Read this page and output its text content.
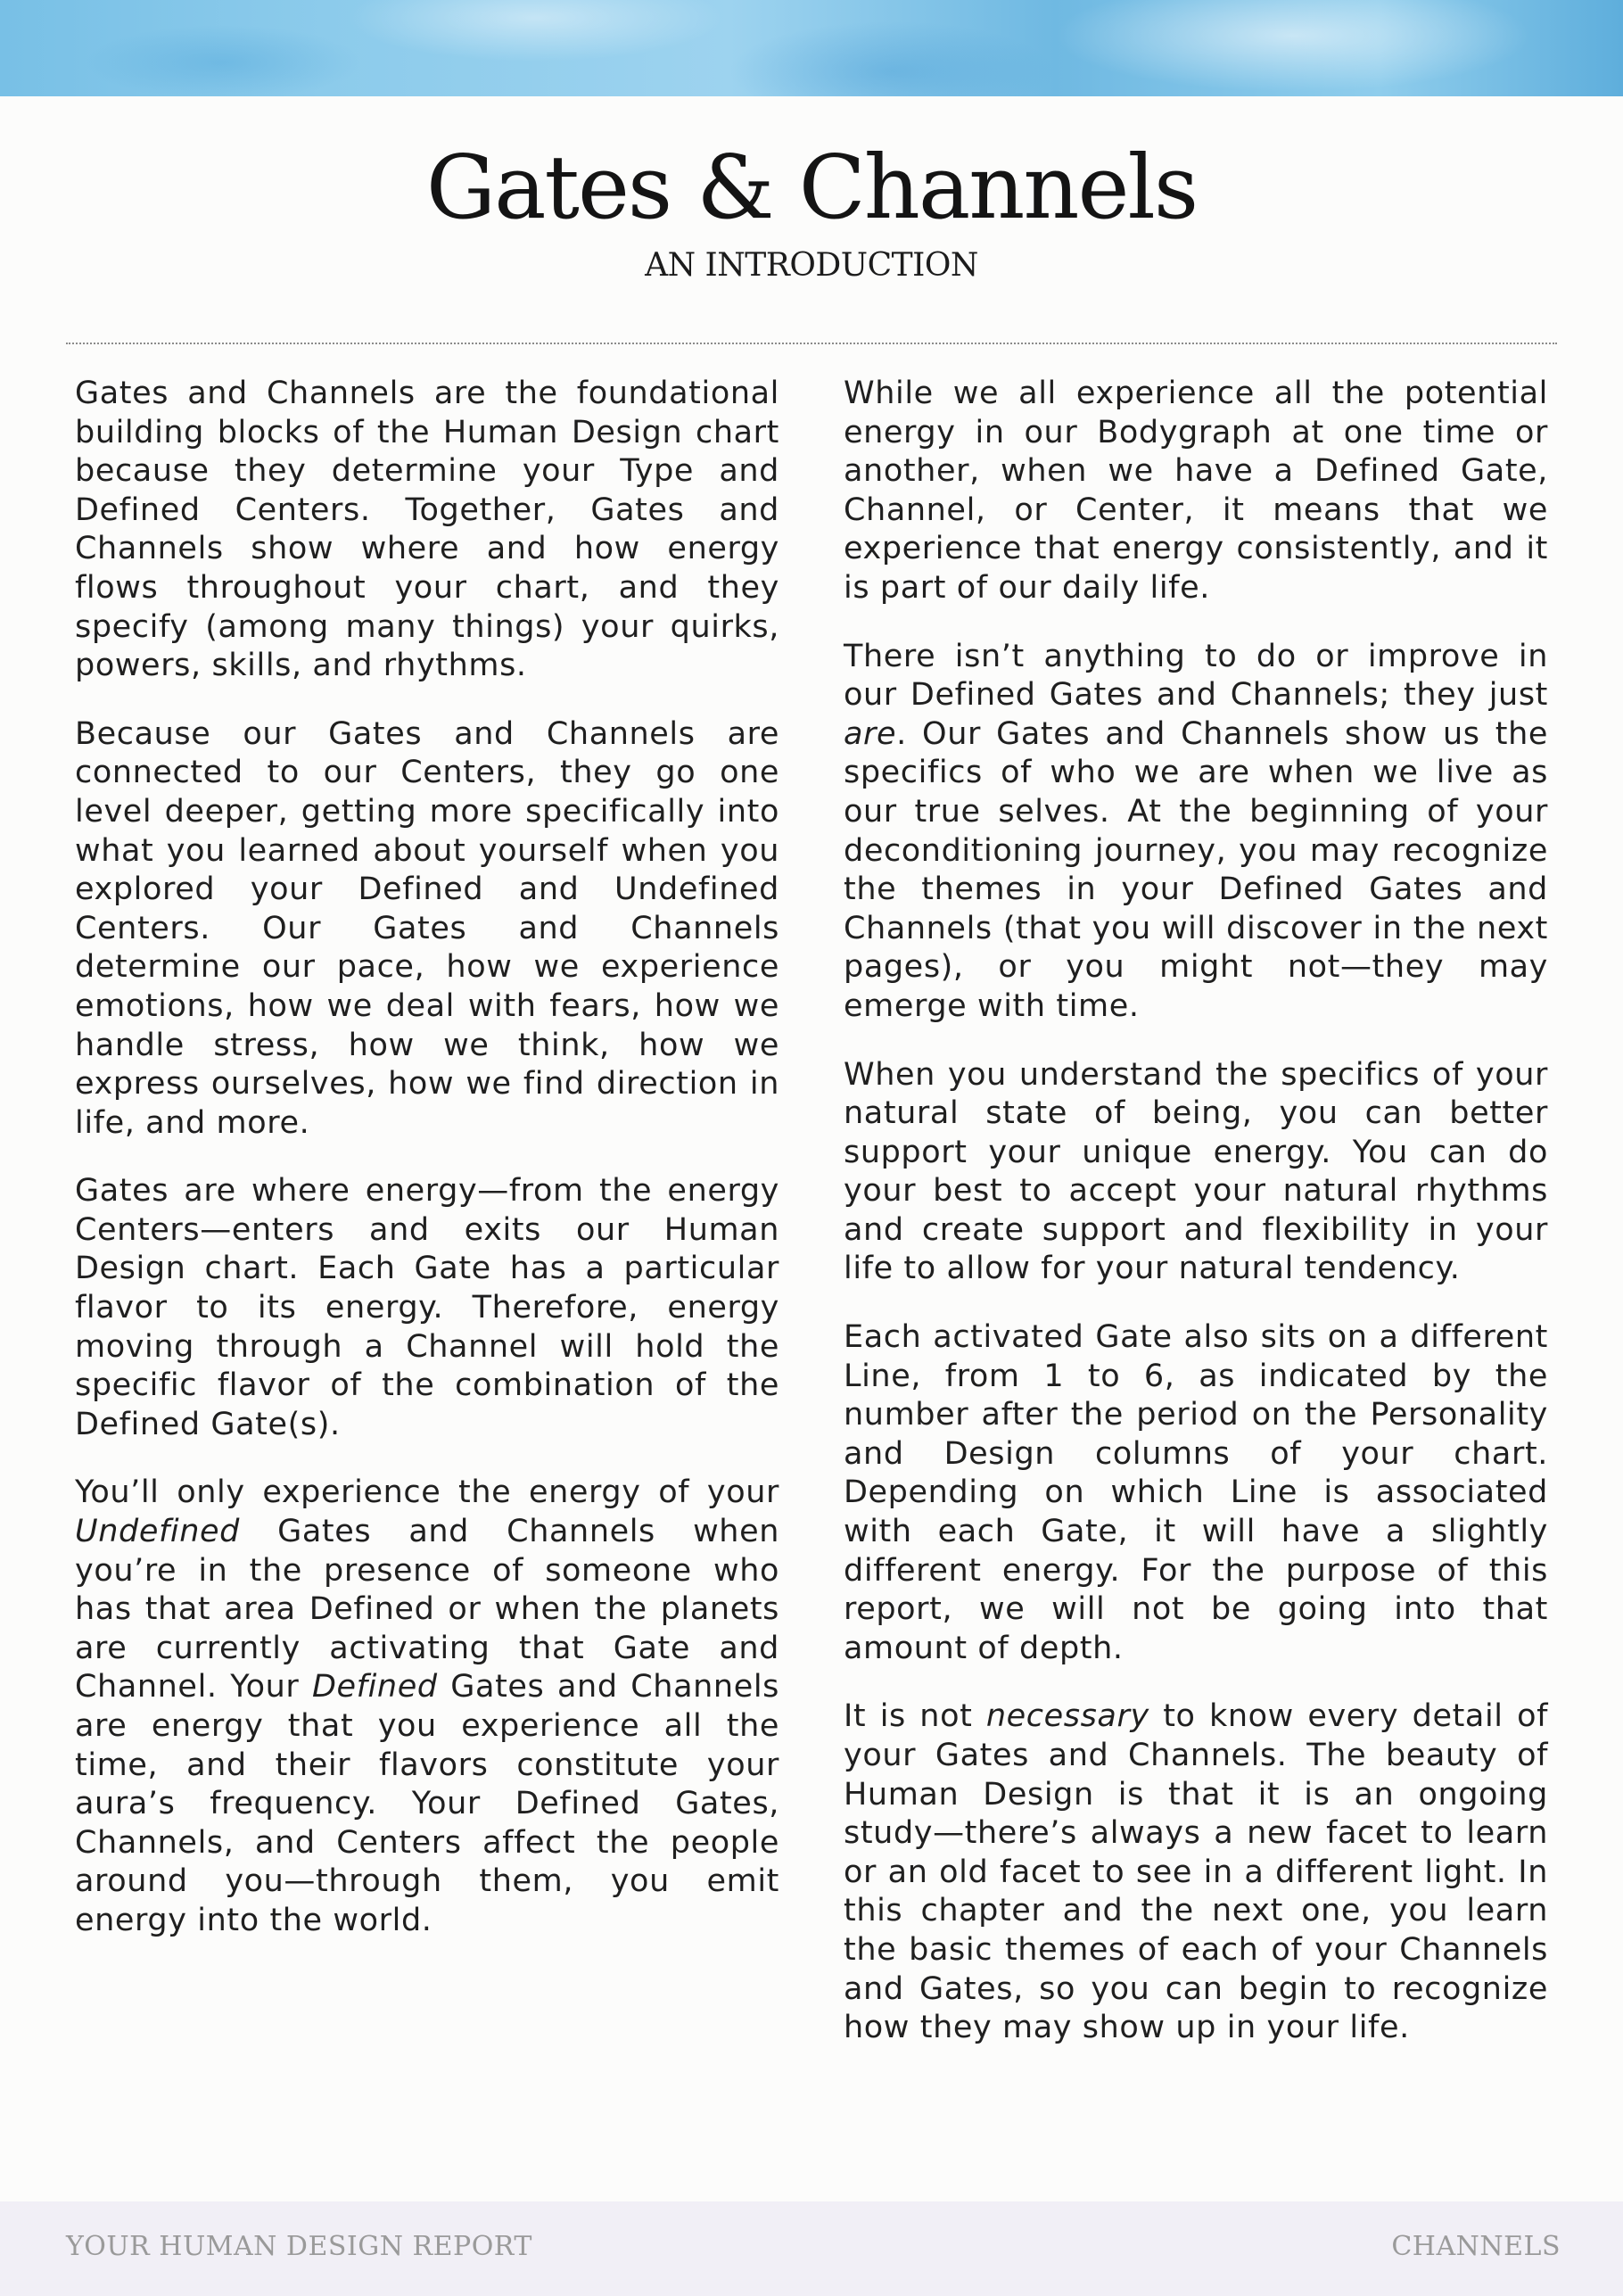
Gates & Channels
AN INTRODUCTION

Gates and Channels are the foundational building blocks of the Human Design chart because they determine your Type and Defined Centers. Together, Gates and Channels show where and how energy flows throughout your chart, and they specify (among many things) your quirks, powers, skills, and rhythms.

Because our Gates and Channels are connected to our Centers, they go one level deeper, getting more specifically into what you learned about yourself when you explored your Defined and Undefined Centers. Our Gates and Channels determine our pace, how we experience emotions, how we deal with fears, how we handle stress, how we think, how we express ourselves, how we find direction in life, and more.

Gates are where energy—from the energy Centers—enters and exits our Human Design chart. Each Gate has a particular flavor to its energy. Therefore, energy moving through a Channel will hold the specific flavor of the combination of the Defined Gate(s).

You’ll only experience the energy of your Undefined Gates and Channels when you’re in the presence of someone who has that area Defined or when the planets are currently activating that Gate and Channel. Your Defined Gates and Channels are energy that you experience all the time, and their flavors constitute your aura’s frequency. Your Defined Gates, Channels, and Centers affect the people around you—through them, you emit energy into the world.

While we all experience all the potential energy in our Bodygraph at one time or another, when we have a Defined Gate, Channel, or Center, it means that we experience that energy consistently, and it is part of our daily life.

There isn’t anything to do or improve in our Defined Gates and Channels; they just are. Our Gates and Channels show us the specifics of who we are when we live as our true selves. At the beginning of your deconditioning journey, you may recognize the themes in your Defined Gates and Channels (that you will discover in the next pages), or you might not—they may emerge with time.

When you understand the specifics of your natural state of being, you can better support your unique energy. You can do your best to accept your natural rhythms and create support and flexibility in your life to allow for your natural tendency.

Each activated Gate also sits on a different Line, from 1 to 6, as indicated by the number after the period on the Personality and Design columns of your chart. Depending on which Line is associated with each Gate, it will have a slightly different energy. For the purpose of this report, we will not be going into that amount of depth.

It is not necessary to know every detail of your Gates and Channels. The beauty of Human Design is that it is an ongoing study—there’s always a new facet to learn or an old facet to see in a different light. In this chapter and the next one, you learn the basic themes of each of your Channels and Gates, so you can begin to recognize how they may show up in your life.

YOUR HUMAN DESIGN REPORT	CHANNELS
